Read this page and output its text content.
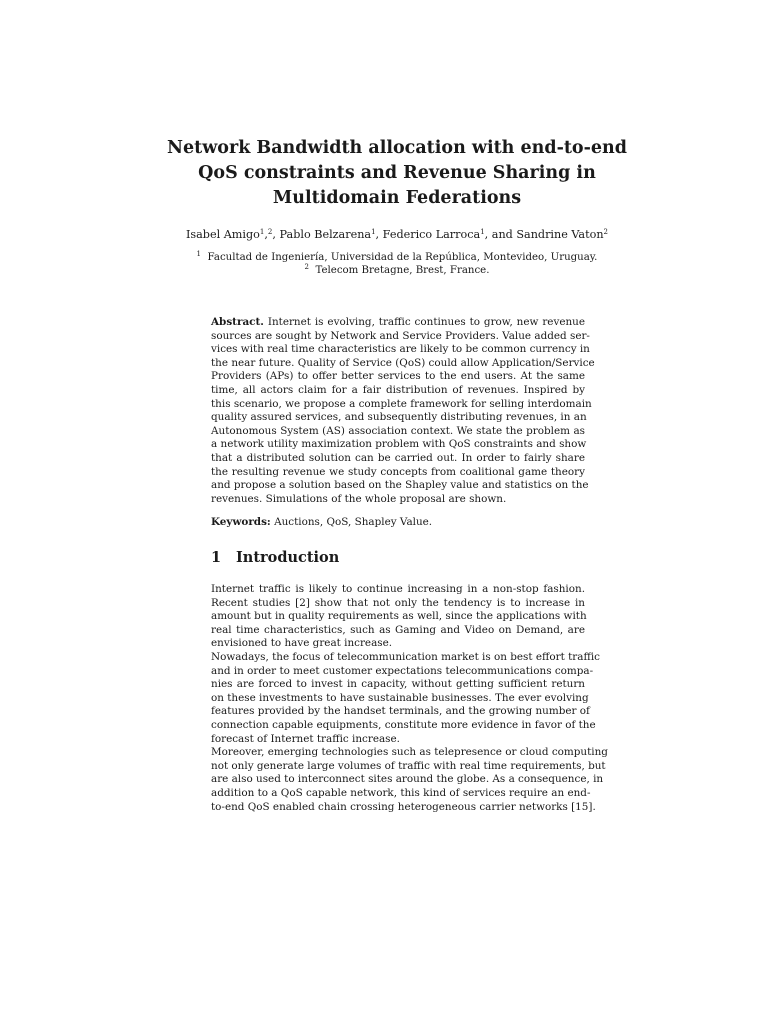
Network Bandwidth allocation with end-to-end
QoS constraints and Revenue Sharing in
Multidomain Federations
Isabel Amigo$^1$,$^2$, Pablo Belzarena$^1$, Federico Larroca$^1$, and Sandrine Vaton$^2$
$^1$ Facultad de Ingeniería, Universidad de la República, Montevideo, Uruguay.
$^2$ Telecom Bretagne, Brest, France.
Abstract. Internet is evolving, traffic continues to grow, new revenue
sources are sought by Network and Service Providers. Value added ser-
vices with real time characteristics are likely to be common currency in
the near future. Quality of Service (QoS) could allow Application/Service
Providers (APs) to offer better services to the end users. At the same
time, all actors claim for a fair distribution of revenues. Inspired by
this scenario, we propose a complete framework for selling interdomain
quality assured services, and subsequently distributing revenues, in an
Autonomous System (AS) association context. We state the problem as
a network utility maximization problem with QoS constraints and show
that a distributed solution can be carried out. In order to fairly share
the resulting revenue we study concepts from coalitional game theory
and propose a solution based on the Shapley value and statistics on the
revenues. Simulations of the whole proposal are shown.
Keywords: Auctions, QoS, Shapley Value.
1 Introduction
Internet traffic is likely to continue increasing in a non-stop fashion.
Recent studies [2] show that not only the tendency is to increase in
amount but in quality requirements as well, since the applications with
real time characteristics, such as Gaming and Video on Demand, are
envisioned to have great increase.
Nowadays, the focus of telecommunication market is on best effort traffic
and in order to meet customer expectations telecommunications compa-
nies are forced to invest in capacity, without getting sufficient return
on these investments to have sustainable businesses. The ever evolving
features provided by the handset terminals, and the growing number of
connection capable equipments, constitute more evidence in favor of the
forecast of Internet traffic increase.
Moreover, emerging technologies such as telepresence or cloud computing
not only generate large volumes of traffic with real time requirements, but
are also used to interconnect sites around the globe. As a consequence, in
addition to a QoS capable network, this kind of services require an end-
to-end QoS enabled chain crossing heterogeneous carrier networks [15].
